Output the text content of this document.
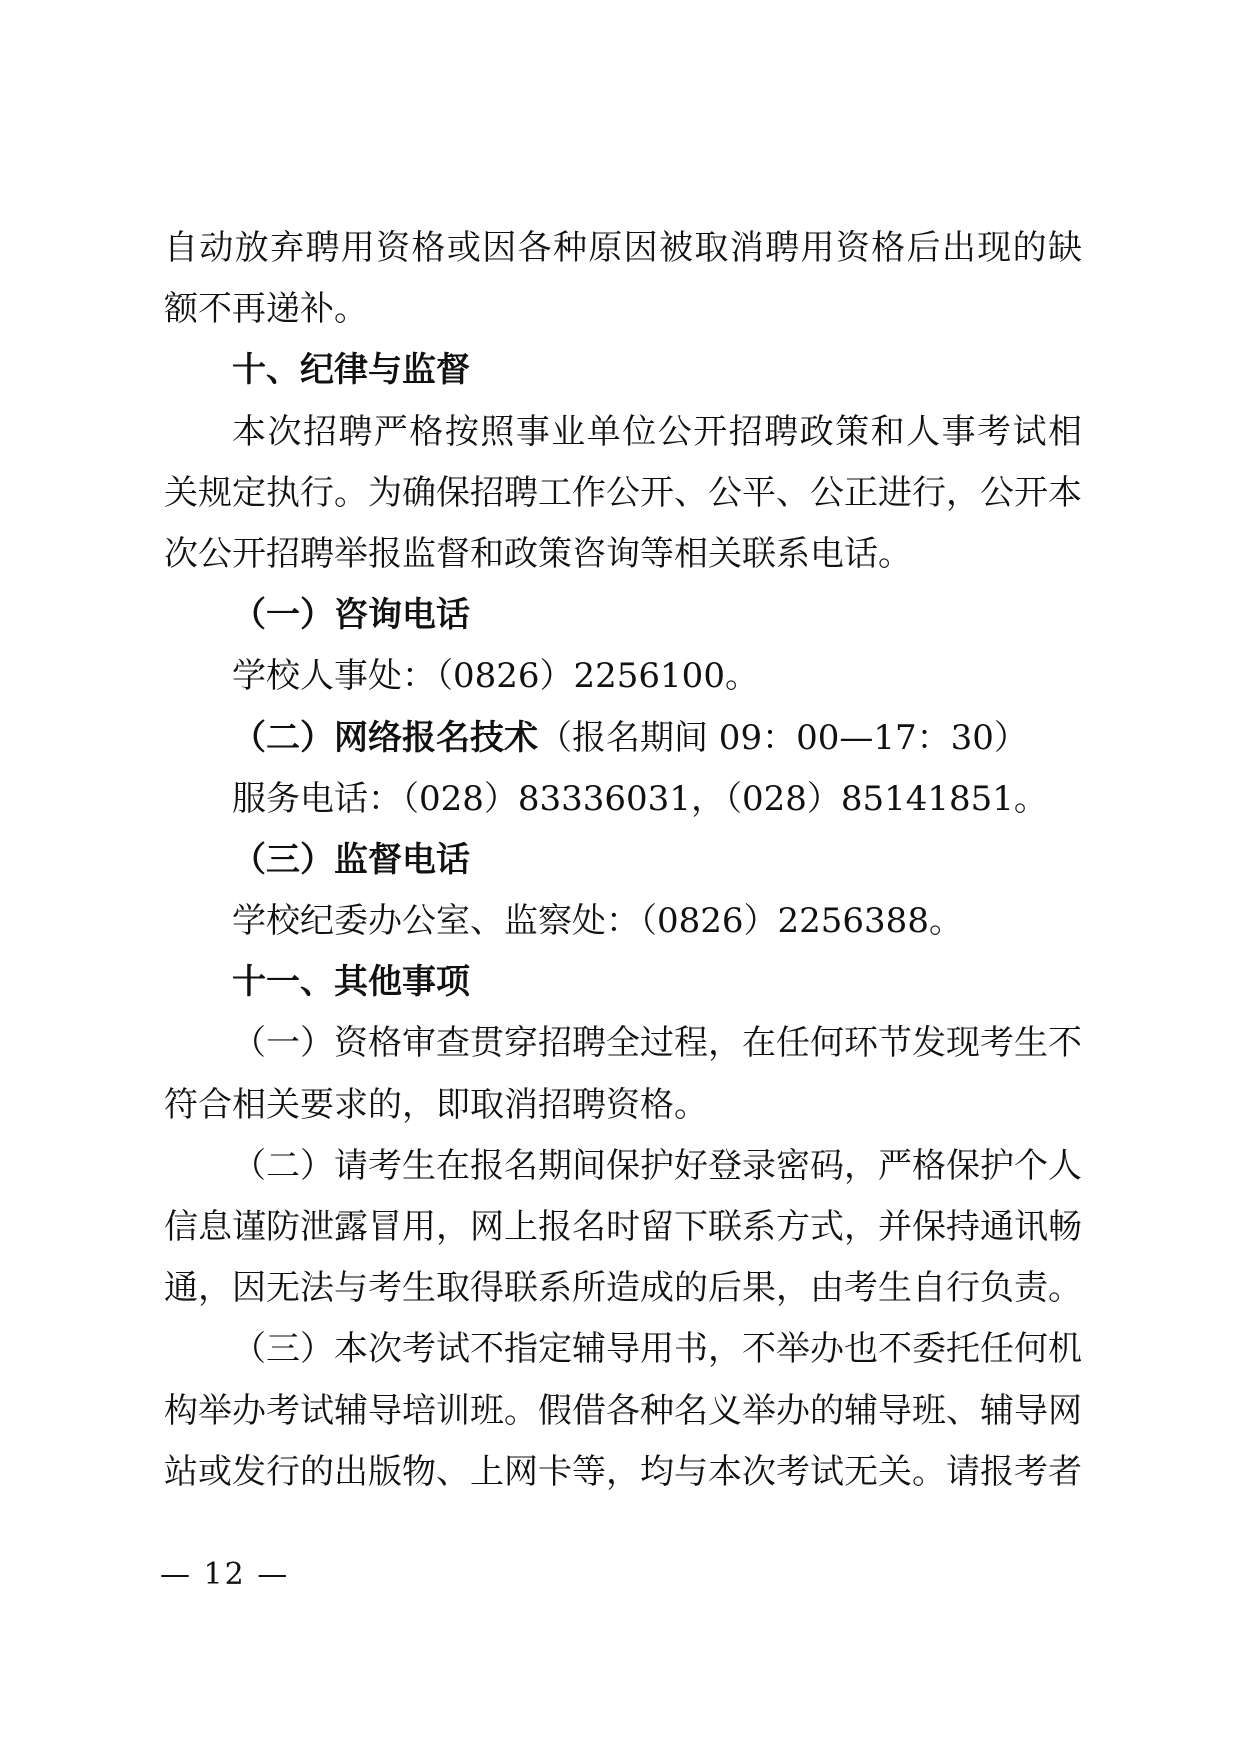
自动放弃聘用资格或因各种原因被取消聘用资格后出现的缺
额不再递补。
十、纪律与监督
本次招聘严格按照事业单位公开招聘政策和人事考试相
关规定执行。为确保招聘工作公开、公平、公正进行，公开本
次公开招聘举报监督和政策咨询等相关联系电话。
（一）咨询电话
学校人事处：（0826）2256100。
（二）网络报名技术（报名期间 09：00—17：30）
服务电话：（028）83336031，（028）85141851。
（三）监督电话
学校纪委办公室、监察处：（0826）2256388。
十一、其他事项
（一）资格审查贯穿招聘全过程，在任何环节发现考生不
符合相关要求的，即取消招聘资格。
（二）请考生在报名期间保护好登录密码，严格保护个人
信息谨防泄露冒用，网上报名时留下联系方式，并保持通讯畅
通，因无法与考生取得联系所造成的后果，由考生自行负责。
（三）本次考试不指定辅导用书，不举办也不委托任何机
构举办考试辅导培训班。假借各种名义举办的辅导班、辅导网
站或发行的出版物、上网卡等，均与本次考试无关。请报考者
— 12 —
